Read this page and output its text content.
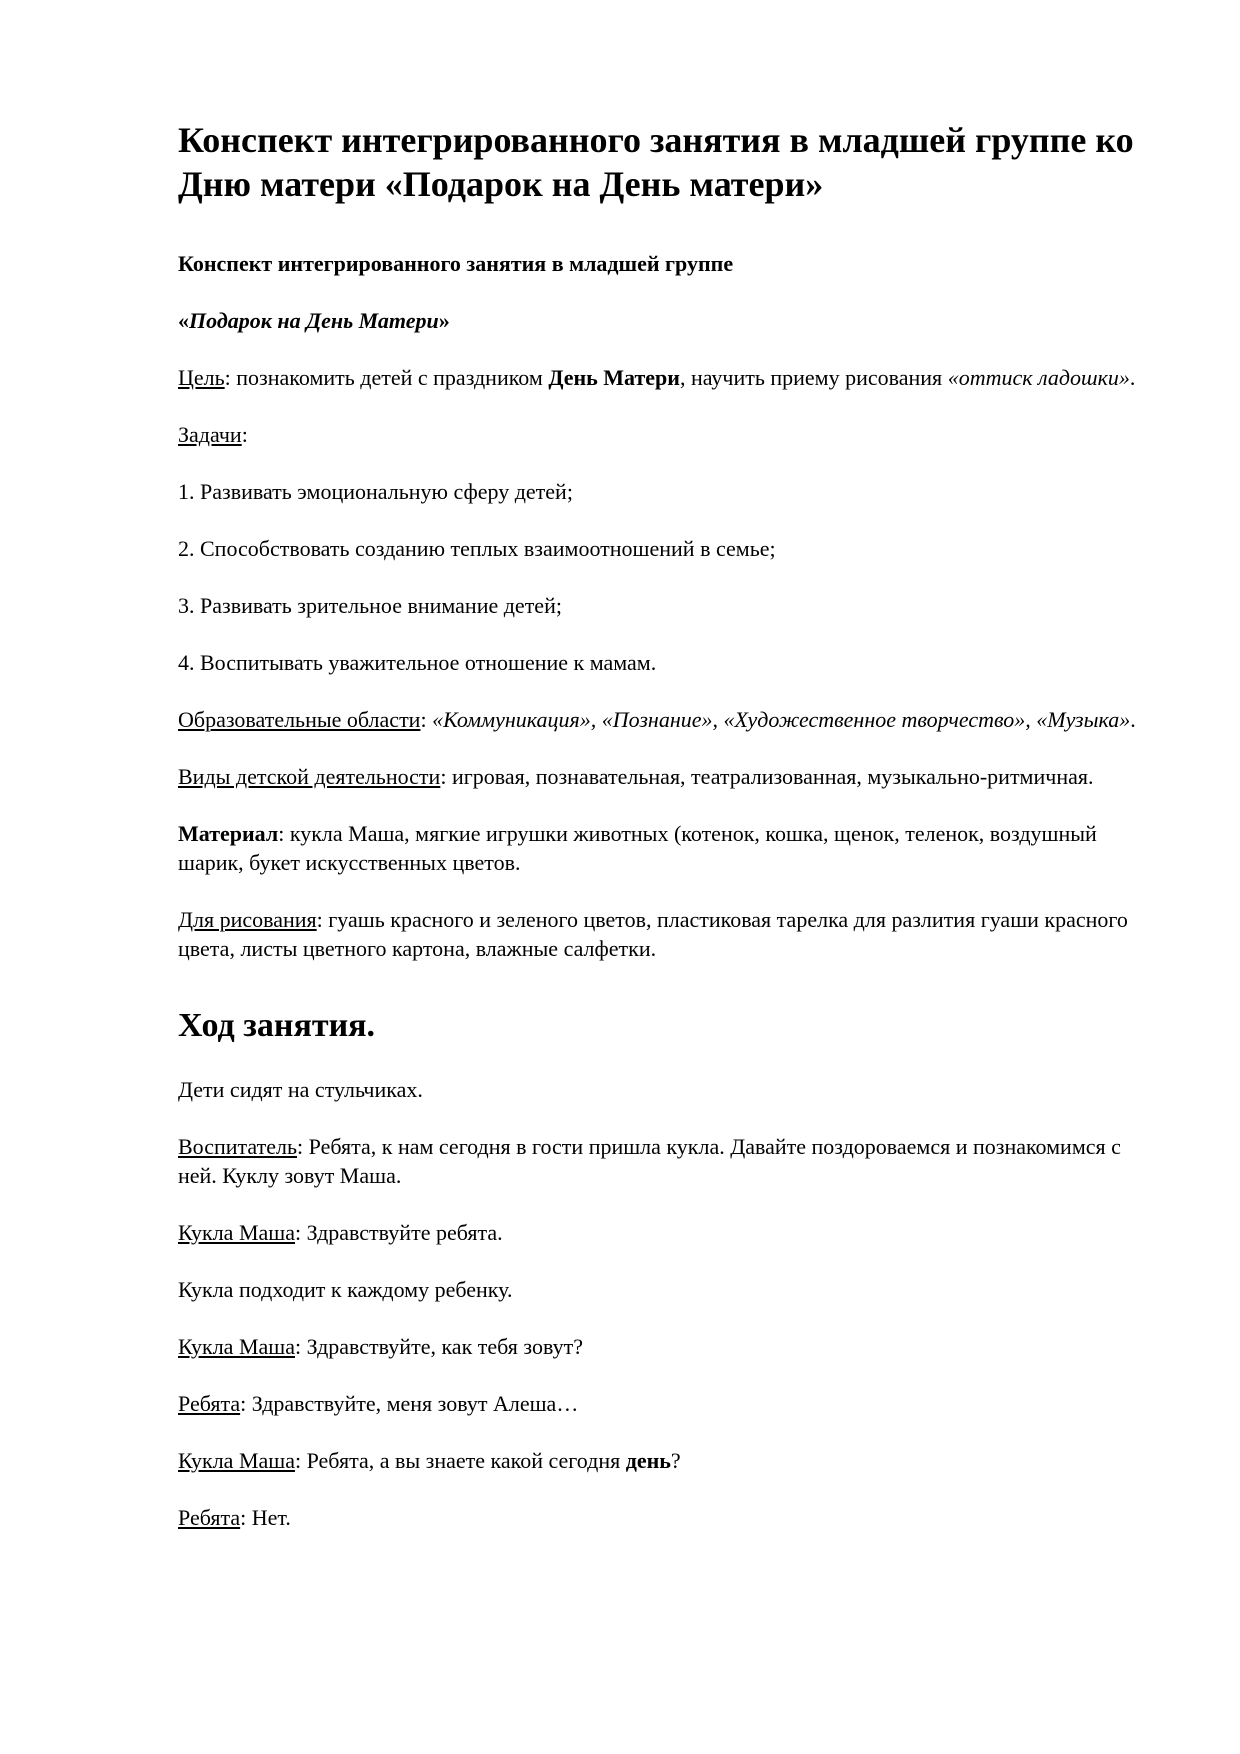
Конспект интегрированного занятия в младшей группе ко Дню матери «Подарок на День матери»

Конспект интегрированного занятия в младшей группе

«Подарок на День Матери»

Цель: познакомить детей с праздником День Матери, научить приему рисования «оттиск ладошки».

Задачи:

1. Развивать эмоциональную сферу детей;

2. Способствовать созданию теплых взаимоотношений в семье;

3. Развивать зрительное внимание детей;

4. Воспитывать уважительное отношение к мамам.

Образовательные области: «Коммуникация», «Познание», «Художественное творчество», «Музыка».

Виды детской деятельности: игровая, познавательная, театрализованная, музыкально-ритмичная.

Материал: кукла Маша, мягкие игрушки животных (котенок, кошка, щенок, теленок, воздушный шарик, букет искусственных цветов.

Для рисования: гуашь красного и зеленого цветов, пластиковая тарелка для разлития гуаши красного цвета, листы цветного картона, влажные салфетки.

Ход занятия.

Дети сидят на стульчиках.

Воспитатель: Ребята, к нам сегодня в гости пришла кукла. Давайте поздороваемся и познакомимся с ней. Куклу зовут Маша.

Кукла Маша: Здравствуйте ребята.

Кукла подходит к каждому ребенку.

Кукла Маша: Здравствуйте, как тебя зовут?

Ребята: Здравствуйте, меня зовут Алеша…

Кукла Маша: Ребята, а вы знаете какой сегодня день?

Ребята: Нет.
